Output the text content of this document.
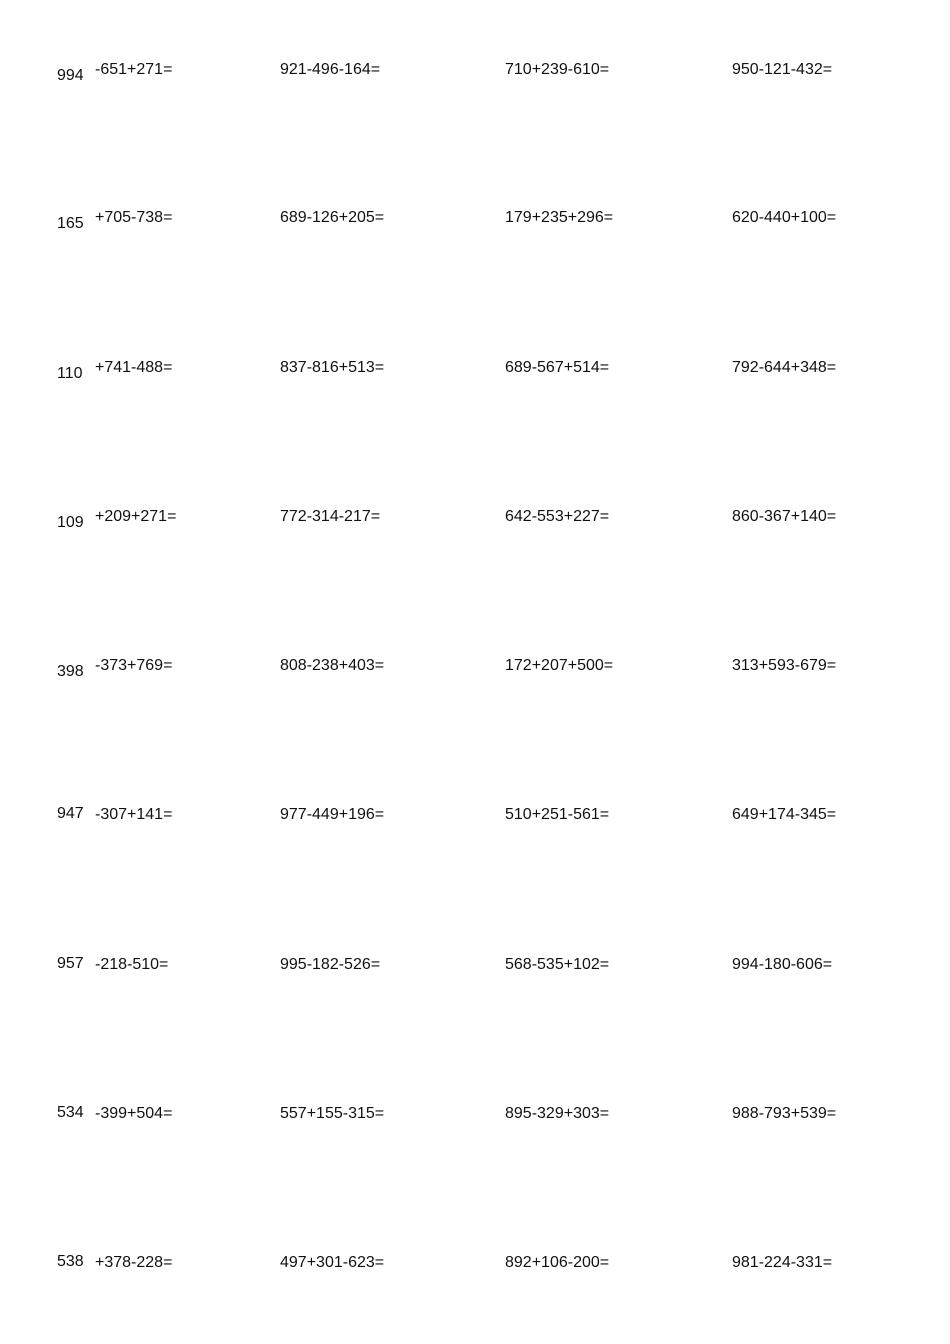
994 -651+271=	921-496-164=	710+239-610=	950-121-432=
165 +705-738=	689-126+205=	179+235+296=	620-440+100=
110 +741-488=	837-816+513=	689-567+514=	792-644+348=
109 +209+271=	772-314-217=	642-553+227=	860-367+140=
398 -373+769=	808-238+403=	172+207+500=	313+593-679=
947 -307+141=	977-449+196=	510+251-561=	649+174-345=
957 -218-510=	995-182-526=	568-535+102=	994-180-606=
534 -399+504=	557+155-315=	895-329+303=	988-793+539=
538 +378-228=	497+301-623=	892+106-200=	981-224-331=
